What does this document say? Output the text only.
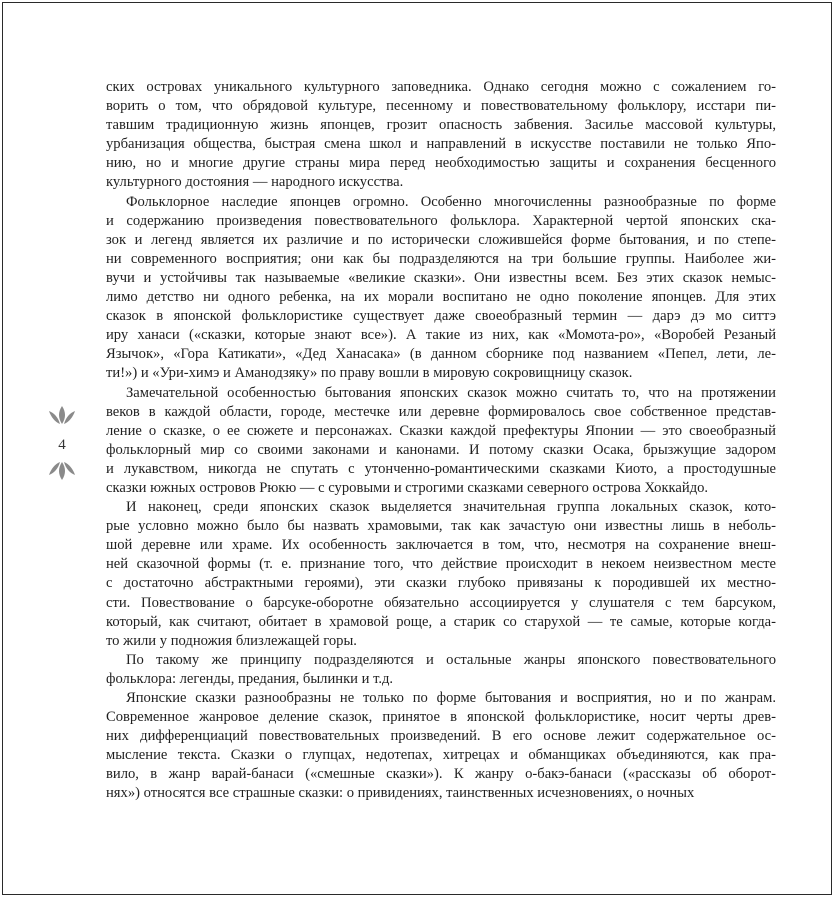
4
ских островах уникального культурного заповедника. Однако сегодня можно с сожалением го-
ворить о том, что обрядовой культуре, песенному и повествовательному фольклору, исстари пи-
тавшим традиционную жизнь японцев, грозит опасность забвения. Засилье массовой культуры,
урбанизация общества, быстрая смена школ и направлений в искусстве поставили не только Япо-
нию, но и многие другие страны мира перед необходимостью защиты и сохранения бесценного
культурного достояния — народного искусства.
Фольклорное наследие японцев огромно. Особенно многочисленны разнообразные по форме
и содержанию произведения повествовательного фольклора. Характерной чертой японских ска-
зок и легенд является их различие и по исторически сложившейся форме бытования, и по степе-
ни современного восприятия; они как бы подразделяются на три большие группы. Наиболее жи-
вучи и устойчивы так называемые «великие сказки». Они известны всем. Без этих сказок немыс-
лимо детство ни одного ребенка, на их морали воспитано не одно поколение японцев. Для этих
сказок в японской фольклористике существует даже своеобразный термин — дарэ дэ мо ситтэ
иру ханаси («сказки, которые знают все»). А такие из них, как «Момота-ро», «Воробей Резаный
Язычок», «Гора Катикати», «Дед Ханасака» (в данном сборнике под названием «Пепел, лети, ле-
ти!») и «Ури-химэ и Аманодзяку» по праву вошли в мировую сокровищницу сказок.
Замечательной особенностью бытования японских сказок можно считать то, что на протяжении
веков в каждой области, городе, местечке или деревне формировалось свое собственное представ-
ление о сказке, о ее сюжете и персонажах. Сказки каждой префектуры Японии — это своеобразный
фольклорный мир со своими законами и канонами. И потому сказки Осака, брызжущие задором
и лукавством, никогда не спутать с утонченно-романтическими сказками Киото, а простодушные
сказки южных островов Рюкю — с суровыми и строгими сказками северного острова Хоккайдо.
И наконец, среди японских сказок выделяется значительная группа локальных сказок, кото-
рые условно можно было бы назвать храмовыми, так как зачастую они известны лишь в неболь-
шой деревне или храме. Их особенность заключается в том, что, несмотря на сохранение внеш-
ней сказочной формы (т. е. признание того, что действие происходит в некоем неизвестном месте
с достаточно абстрактными героями), эти сказки глубоко привязаны к породившей их местно-
сти. Повествование о барсуке-оборотне обязательно ассоциируется у слушателя с тем барсуком,
который, как считают, обитает в храмовой роще, а старик со старухой — те самые, которые когда-
то жили у подножия близлежащей горы.
По такому же принципу подразделяются и остальные жанры японского повествовательного
фольклора: легенды, предания, былинки и т.д.
Японские сказки разнообразны не только по форме бытования и восприятия, но и по жанрам.
Современное жанровое деление сказок, принятое в японской фольклористике, носит черты древ-
них дифференциаций повествовательных произведений. В его основе лежит содержательное ос-
мысление текста. Сказки о глупцах, недотепах, хитрецах и обманщиках объединяются, как пра-
вило, в жанр варай-банаси («смешные сказки»). К жанру о-бакэ-банаси («рассказы об оборот-
нях») относятся все страшные сказки: о привидениях, таинственных исчезновениях, о ночных
